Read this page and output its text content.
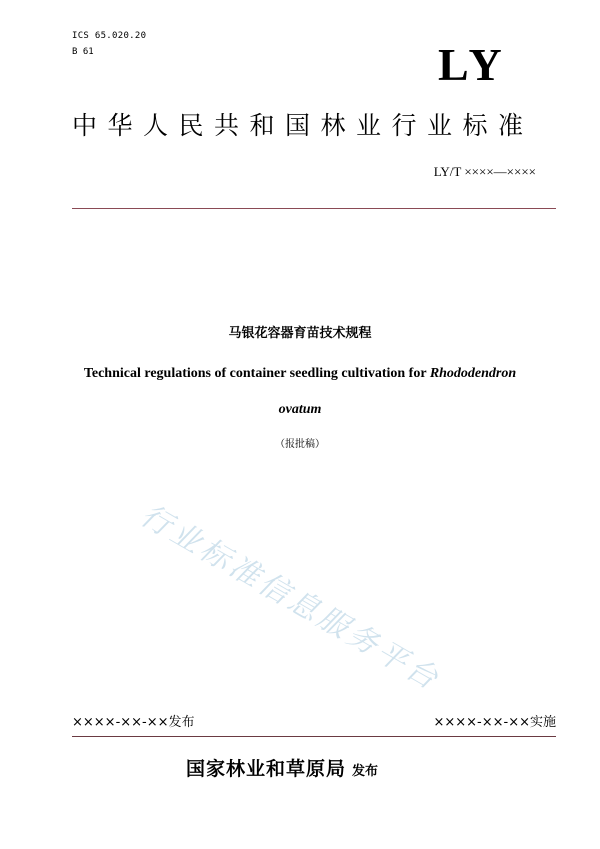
ICS 65.020.20
B 61	LY
中华人民共和国林业行业标准
LY/T ××××—××××
马银花容器育苗技术规程
Technical regulations of container seedling cultivation for Rhododendron ovatum
（报批稿）
行业标准信息服务平台
××××-××-××发布	××××-××-××实施
国家林业和草原局 发布
